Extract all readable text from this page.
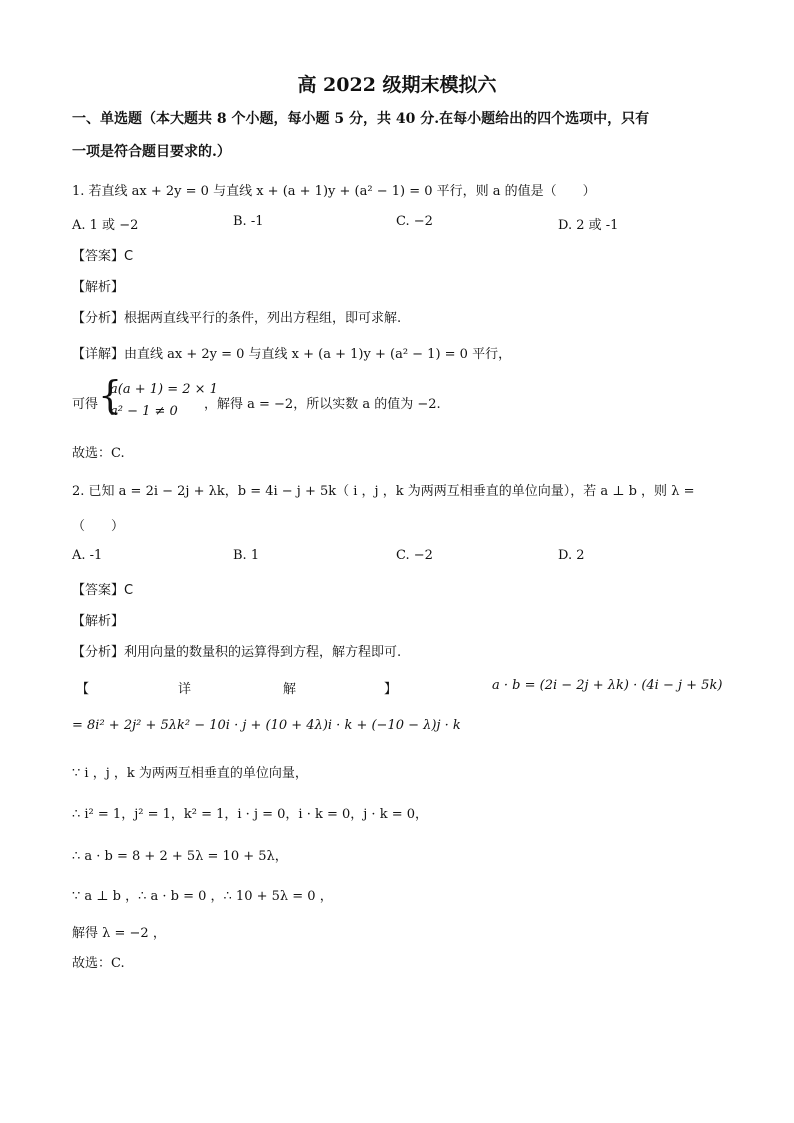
高 2022 级期末模拟六
一、单选题（本大题共 8 个小题，每小题 5 分，共 40 分.在每小题给出的四个选项中，只有
一项是符合题目要求的.）
1. 若直线 ax + 2y = 0 与直线 x + (a + 1)y + (a² − 1) = 0 平行，则 a 的值是（　　）
A. 1 或 −2	B. -1	C. −2	D. 2 或 -1
【答案】C
【解析】
【分析】根据两直线平行的条件，列出方程组，即可求解.
【详解】由直线 ax + 2y = 0 与直线 x + (a + 1)y + (a² − 1) = 0 平行，
可得 {
a(a + 1) = 2 × 1
a² − 1 ≠ 0 ，解得 a = −2，所以实数 a 的值为 −2.
故选：C.
2. 已知 a = 2i − 2j + λk，b = 4i − j + 5k（ i ，j ，k 为两两互相垂直的单位向量），若 a ⊥ b ，则 λ =
（　　）
A. -1	B. 1	C. −2	D. 2
【答案】C
【解析】
【分析】利用向量的数量积的运算得到方程，解方程即可.
【	详	解	】	a · b = (2i − 2j + λk) · (4i − j + 5k)
= 8i² + 2j² + 5λk² − 10i · j + (10 + 4λ)i · k + (−10 − λ)j · k
∵ i ，j ，k 为两两互相垂直的单位向量，
∴ i² = 1，j² = 1，k² = 1，i · j = 0，i · k = 0，j · k = 0，
∴ a · b = 8 + 2 + 5λ = 10 + 5λ，
∵ a ⊥ b ，∴ a · b = 0 ，∴ 10 + 5λ = 0 ，
解得 λ = −2 ，
故选：C.
